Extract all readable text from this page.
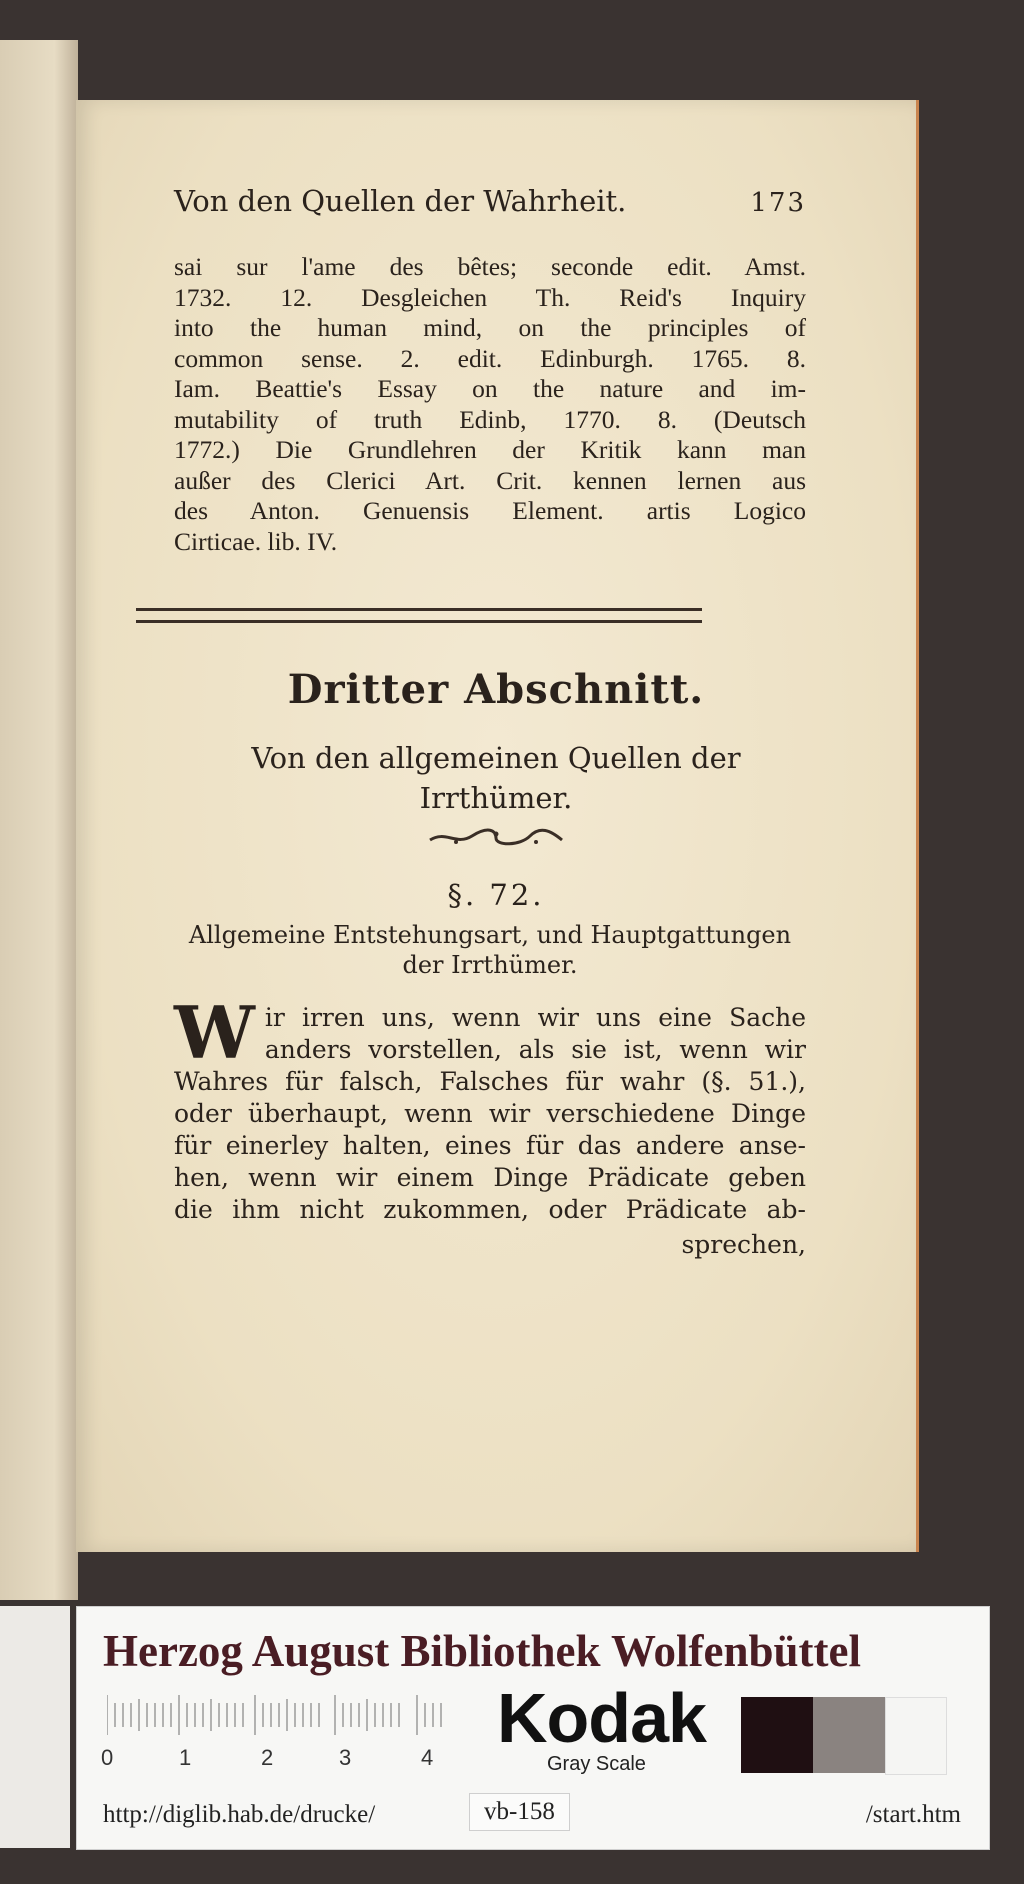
Von den Quellen der Wahrheit.	173
sai sur l'ame des bêtes; seconde edit. Amst.
1732. 12. Desgleichen Th. Reid's Inquiry
into the human mind, on the principles of
common sense. 2. edit. Edinburgh. 1765. 8.
Iam. Beattie's Essay on the nature and im-
mutability of truth Edinb, 1770. 8. (Deutsch
1772.) Die Grundlehren der Kritik kann man
außer des Clerici Art. Crit. kennen lernen aus
des Anton. Genuensis Element. artis Logico
Cirticae. lib. IV.
Dritter Abschnitt.
Von den allgemeinen Quellen der
Irrthümer.
§. 72.
Allgemeine Entstehungsart, und Hauptgattungen
der Irrthümer.
W ir irren uns, wenn wir uns eine Sache
anders vorstellen, als sie ist, wenn wir
Wahres für falsch, Falsches für wahr (§. 51.),
oder überhaupt, wenn wir verschiedene Dinge
für einerley halten, eines für das andere anse-
hen, wenn wir einem Dinge Prädicate geben
die ihm nicht zukommen, oder Prädicate ab-
sprechen,
Herzog August Bibliothek Wolfenbüttel
0	1	2	3	4
Kodak
Gray Scale
http://diglib.hab.de/drucke/	vb-158	/start.htm
